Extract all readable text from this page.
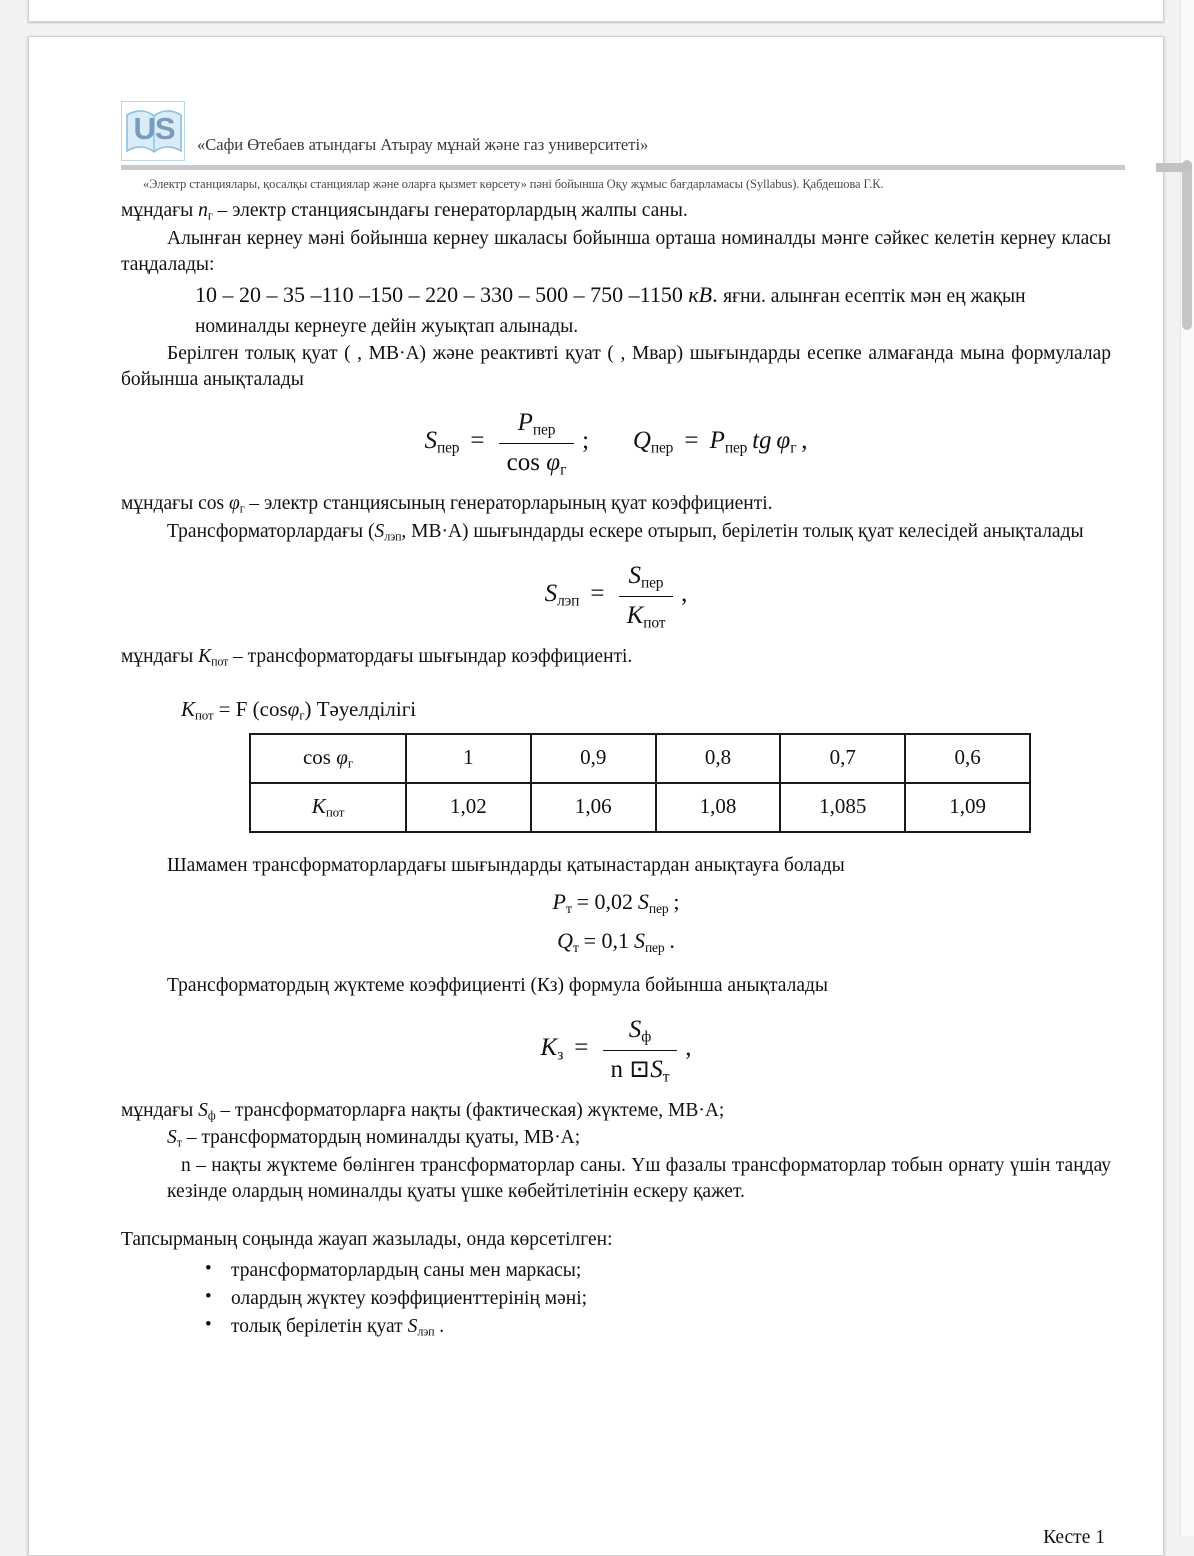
US	«Сафи Өтебаев атындағы Атырау мұнай және газ университеті»
«Электр станциялары, қосалқы станциялар және оларға қызмет көрсету» пәні бойынша Оқу жұмыс бағдарламасы (Syllabus). Қабдешова Г.К.

мұндағы $n_г$ – электр станциясындағы генераторлардың жалпы саны.

Алынған кернеу мәні бойынша кернеу шкаласы бойынша орташа номиналды мәнге сәйкес келетін кернеу класы таңдалады:

10 – 20 – 35 –110 –150 – 220 – 330 – 500 – 750 –1150 кВ. яғни. алынған есептік мән ең жақын номиналды кернеуге дейін жуықтап алынады.

Берілген толық қуат ( , МВ·А) және реактивті қуат ( , Мвар) шығындарды есепке алмағанда мына формулалар бойынша анықталады

$S_{пер} = \frac{P_{пер}}{\cos \varphi_г}$ ; $Q_{пер} = P_{пер}$ tg $\varphi_г$ ,

мұндағы $\cos \varphi_г$ – электр станциясының генераторларының қуат коэффициенті.

Трансформаторлардағы ($S_{лэп}$, МВ·А) шығындарды ескере отырып, берілетін толық қуат келесідей анықталады

$S_{лэп} = \frac{S_{пер}}{K_{пот}}$ ,

мұндағы $K_{пот}$ – трансформатордағы шығындар коэффициенті.

$K_{пот} = F$ (cosφ$_г$) Тәуелділігі
$\cos \varphi_г$	1	0,9	0,8	0,7	0,6
$K_{пот}$	1,02	1,06	1,08	1,085	1,09

Шамамен трансформаторлардағы шығындарды қатынастардан анықтауға болады

$P_т = 0,02$ $S_{пер}$ ;
$Q_т = 0,1$ $S_{пер}$ .

Трансформатордың жүктеме коэффициенті (Кз) формула бойынша анықталады

$K_з = \frac{S_ф}{n ⊡S_т}$ ,

мұндағы $S_ф$ – трансформаторларға нақты (фактическая) жүктеме, МВ·А;

$S_т$ – трансформатордың номиналды қуаты, МВ·А;

n – нақты жүктеме бөлінген трансформаторлар саны. Үш фазалы трансформаторлар тобын орнату үшін таңдау кезінде олардың номиналды қуаты үшке көбейтілетінін ескеру қажет.

Тапсырманың соңында жауап жазылады, онда көрсетілген:

• трансформаторлардың саны мен маркасы;
• олардың жүктеу коэффициенттерінің мәні;
• толық берілетін қуат $S_{лэп}$ .
Кесте 1
